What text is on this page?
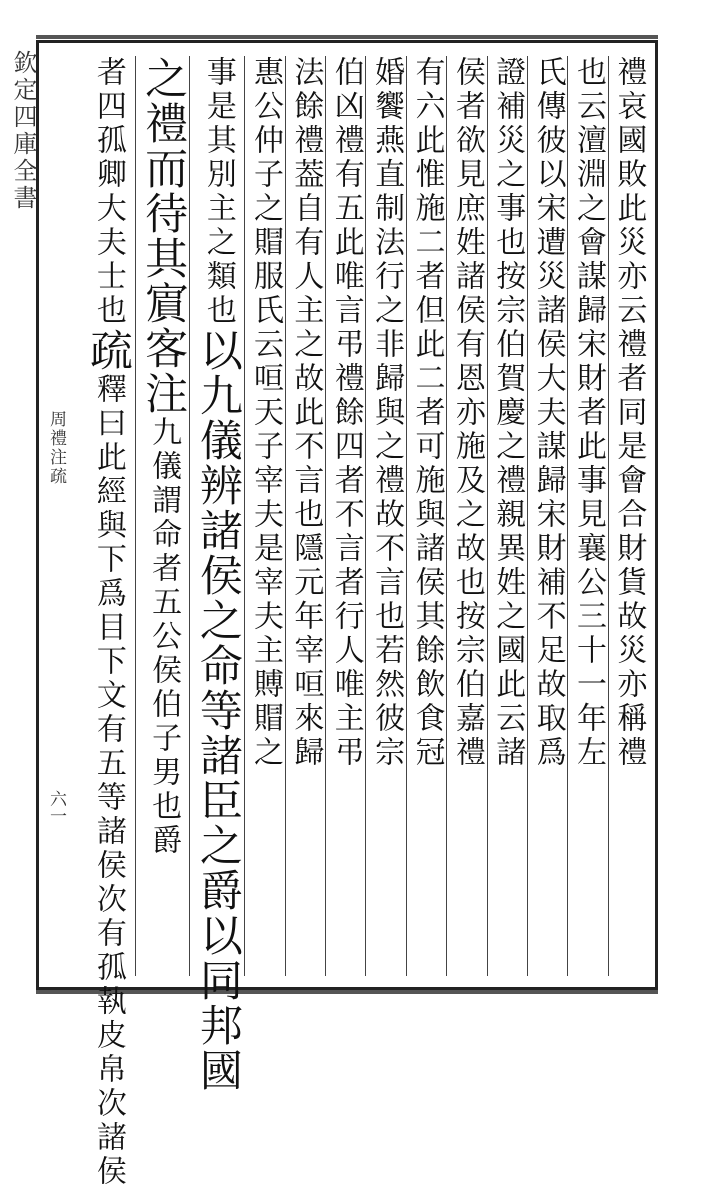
欽定四庫全書
周禮注疏
六一
禮哀國敗此災亦云禮者同是會合財貨故災亦稱禮
也云澶淵之會謀歸宋財者此事見襄公三十一年左
氏傳彼以宋遭災諸侯大夫謀歸宋財補不足故取爲
證補災之事也按宗伯賀慶之禮親異姓之國此云諸
侯者欲見庶姓諸侯有恩亦施及之故也按宗伯嘉禮
有六此惟施二者但此二者可施與諸侯其餘飲食冠
婚饗燕直制法行之非歸與之禮故不言也若然彼宗
伯凶禮有五此唯言弔禮餘四者不言者行人唯主弔
法餘禮葢自有人主之故此不言也隱元年宰咺來歸
惠公仲子之賵服氏云咺天子宰夫是宰夫主賻賵之
事是其別主之類也以九儀辨諸侯之命等諸臣之爵以同邦國
之禮而待其賔客注九儀謂命者五公侯伯子男也爵
者四孤卿大夫士也疏釋曰此經與下爲目下文有五等諸侯次有孤執皮帛次諸侯
